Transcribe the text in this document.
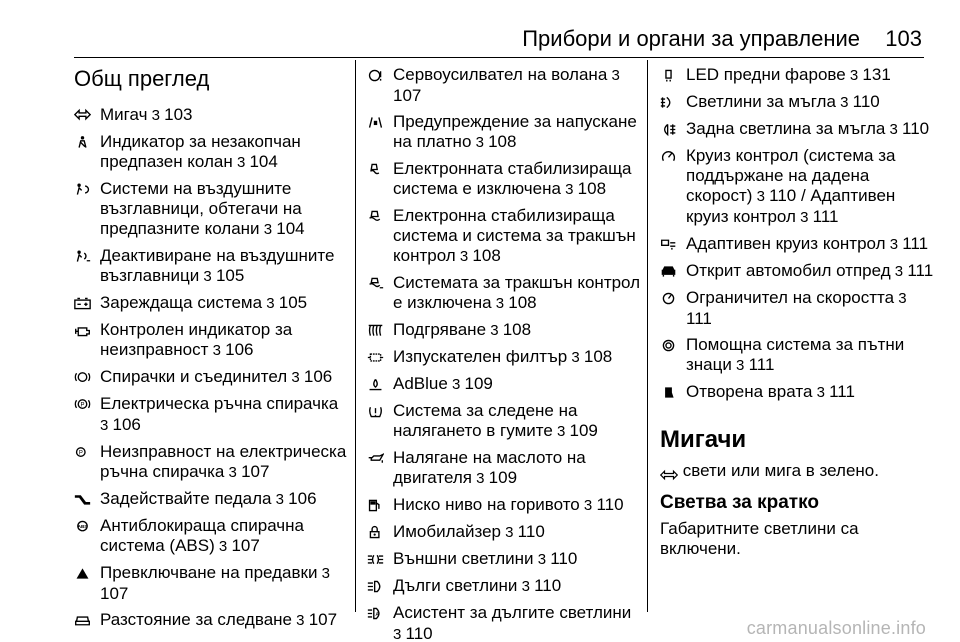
Прибори и органи за управление 103
Общ преглед
Мигач 3 103
Индикатор за незакопчан предпазен колан 3 104
Системи на въздушните възглавници, обтегачи на предпазните колани 3 104
Деактивиране на въздушните възглавници 3 105
Зареждаща система 3 105
Контролен индикатор за неизправност 3 106
Спирачки и съединител 3 106
P Електрическа ръчна спирачка 3 106
P Неизправност на електрическа ръчна спирачка 3 107
Задействайте педала 3 106
ABS Антиблокираща спирачна система (ABS) 3 107
Превключване на предавки 3 107
Разстояние за следване 3 107
Сервоусилвател на волана 3 107
Предупреждение за напускане на платно 3 108
Електронната стабилизираща система е изключена 3 108
Електронна стабилизираща система и система за тракшън контрол 3 108
Системата за тракшън контрол е изключена 3 108
Подгряване 3 108
Изпускателен филтър 3 108
AdBlue 3 109
Система за следене на налягането в гумите 3 109
Налягане на маслото на двигателя 3 109
Ниско ниво на горивото 3 110
Имобилайзер 3 110
Външни светлини 3 110
Дълги светлини 3 110
A Асистент за дългите светлини 3 110
LED предни фарове 3 131
Светлини за мъгла 3 110
Задна светлина за мъгла 3 110
Круиз контрол (система за поддържане на дадена скорост) 3 110 / Адаптивен круиз контрол 3 111
Адаптивен круиз контрол 3 111
Открит автомобил отпред 3 111
Ограничител на скоростта 3 111
Помощна система за пътни знаци 3 111
Отворена врата 3 111
Мигачи
свети или мига в зелено.
Светва за кратко
Габаритните светлини са включени.
carmanualsonline.info
